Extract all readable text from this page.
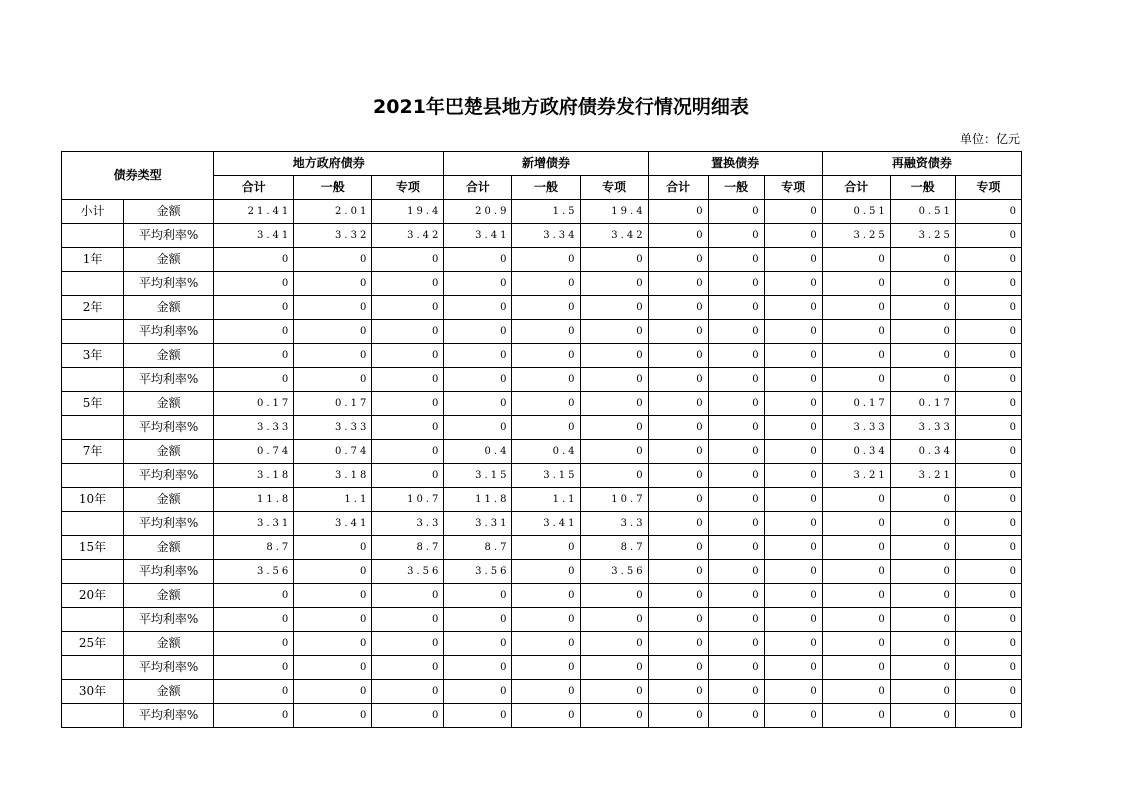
2021年巴楚县地方政府债券发行情况明细表
单位：亿元
债券类型		地方政府债券			新增债券			置换债券			再融资债券		
		合计	一般	专项	合计	一般	专项	合计	一般	专项	合计	一般	专项
小计	金额	21.41	2.01	19.4	20.9	1.5	19.4	0	0	0	0.51	0.51	0
	平均利率%	3.41	3.32	3.42	3.41	3.34	3.42	0	0	0	3.25	3.25	0
1年	金额	0	0	0	0	0	0	0	0	0	0	0	0
	平均利率%	0	0	0	0	0	0	0	0	0	0	0	0
2年	金额	0	0	0	0	0	0	0	0	0	0	0	0
	平均利率%	0	0	0	0	0	0	0	0	0	0	0	0
3年	金额	0	0	0	0	0	0	0	0	0	0	0	0
	平均利率%	0	0	0	0	0	0	0	0	0	0	0	0
5年	金额	0.17	0.17	0	0	0	0	0	0	0	0.17	0.17	0
	平均利率%	3.33	3.33	0	0	0	0	0	0	0	3.33	3.33	0
7年	金额	0.74	0.74	0	0.4	0.4	0	0	0	0	0.34	0.34	0
	平均利率%	3.18	3.18	0	3.15	3.15	0	0	0	0	3.21	3.21	0
10年	金额	11.8	1.1	10.7	11.8	1.1	10.7	0	0	0	0	0	0
	平均利率%	3.31	3.41	3.3	3.31	3.41	3.3	0	0	0	0	0	0
15年	金额	8.7	0	8.7	8.7	0	8.7	0	0	0	0	0	0
	平均利率%	3.56	0	3.56	3.56	0	3.56	0	0	0	0	0	0
20年	金额	0	0	0	0	0	0	0	0	0	0	0	0
	平均利率%	0	0	0	0	0	0	0	0	0	0	0	0
25年	金额	0	0	0	0	0	0	0	0	0	0	0	0
	平均利率%	0	0	0	0	0	0	0	0	0	0	0	0
30年	金额	0	0	0	0	0	0	0	0	0	0	0	0
	平均利率%	0	0	0	0	0	0	0	0	0	0	0	0
